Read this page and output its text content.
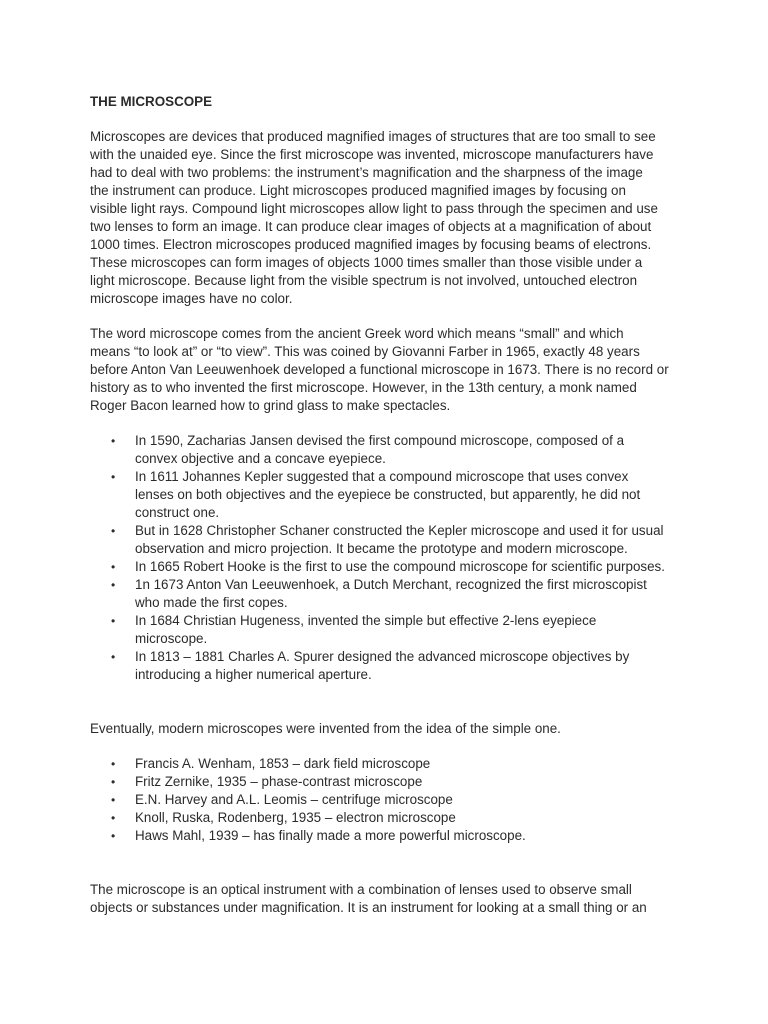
THE MICROSCOPE

Microscopes are devices that produced magnified images of structures that are too small to see
with the unaided eye. Since the first microscope was invented, microscope manufacturers have
had to deal with two problems: the instrument’s magnification and the sharpness of the image
the instrument can produce. Light microscopes produced magnified images by focusing on
visible light rays. Compound light microscopes allow light to pass through the specimen and use
two lenses to form an image. It can produce clear images of objects at a magnification of about
1000 times. Electron microscopes produced magnified images by focusing beams of electrons.
These microscopes can form images of objects 1000 times smaller than those visible under a
light microscope. Because light from the visible spectrum is not involved, untouched electron
microscope images have no color.

The word microscope comes from the ancient Greek word which means “small” and which
means “to look at” or “to view”. This was coined by Giovanni Farber in 1965, exactly 48 years
before Anton Van Leeuwenhoek developed a functional microscope in 1673. There is no record or
history as to who invented the first microscope. However, in the 13th century, a monk named
Roger Bacon learned how to grind glass to make spectacles.

• In 1590, Zacharias Jansen devised the first compound microscope, composed of a
convex objective and a concave eyepiece.
• In 1611 Johannes Kepler suggested that a compound microscope that uses convex
lenses on both objectives and the eyepiece be constructed, but apparently, he did not
construct one.
• But in 1628 Christopher Schaner constructed the Kepler microscope and used it for usual
observation and micro projection. It became the prototype and modern microscope.
• In 1665 Robert Hooke is the first to use the compound microscope for scientific purposes.
• 1n 1673 Anton Van Leeuwenhoek, a Dutch Merchant, recognized the first microscopist
who made the first copes.
• In 1684 Christian Hugeness, invented the simple but effective 2-lens eyepiece
microscope.
• In 1813 – 1881 Charles A. Spurer designed the advanced microscope objectives by
introducing a higher numerical aperture.

Eventually, modern microscopes were invented from the idea of the simple one.

• Francis A. Wenham, 1853 – dark field microscope
• Fritz Zernike, 1935 – phase-contrast microscope
• E.N. Harvey and A.L. Leomis – centrifuge microscope
• Knoll, Ruska, Rodenberg, 1935 – electron microscope
• Haws Mahl, 1939 – has finally made a more powerful microscope.

The microscope is an optical instrument with a combination of lenses used to observe small
objects or substances under magnification. It is an instrument for looking at a small thing or an
